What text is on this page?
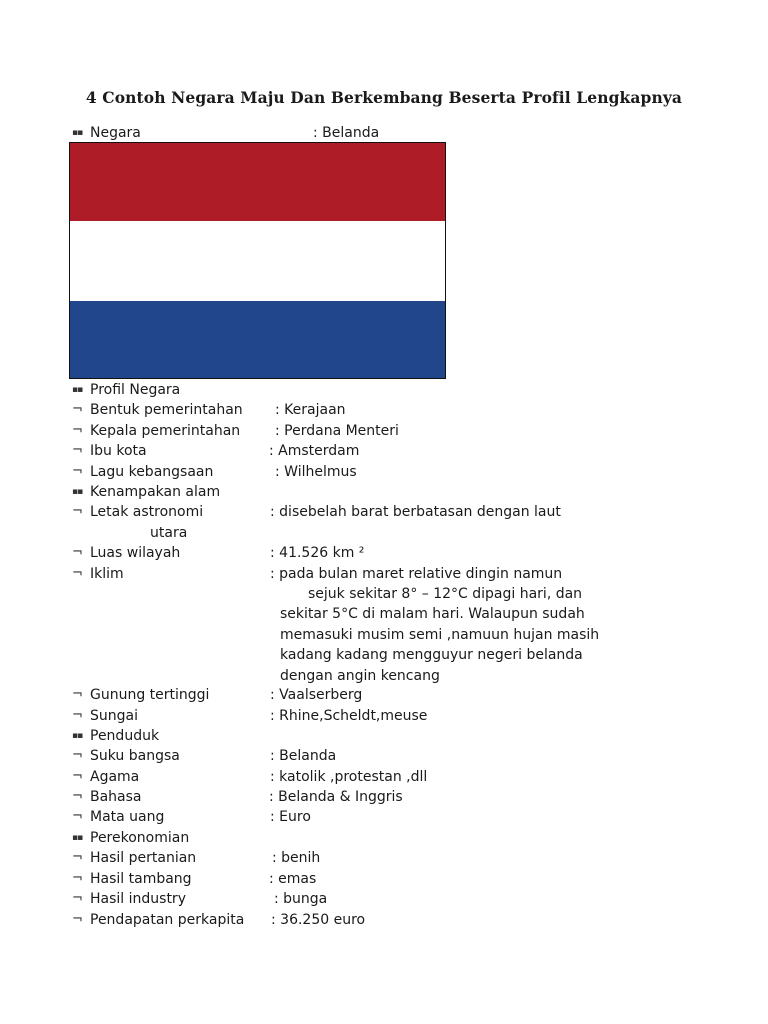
4 Contoh Negara Maju Dan Berkembang Beserta Profil Lengkapnya
▪▪ Negara	: Belanda
▪▪ Profil Negara
¬ Bentuk pemerintahan : Kerajaan
¬ Kepala pemerintahan : Perdana Menteri
¬ Ibu kota	: Amsterdam
¬ Lagu kebangsaan	: Wilhelmus
▪▪ Kenampakan alam
¬ Letak astronomi	: disebelah barat berbatasan dengan laut
utara
¬ Luas wilayah	: 41.526 km ²
¬ Iklim	: pada bulan maret relative dingin namun
sejuk sekitar 8° – 12°C dipagi hari, dan
sekitar 5°C di malam hari. Walaupun sudah
memasuki musim semi ,namuun hujan masih
kadang kadang mengguyur negeri belanda
dengan angin kencang
¬ Gunung tertinggi	: Vaalserberg
¬ Sungai	: Rhine,Scheldt,meuse
▪▪ Penduduk
¬ Suku bangsa	: Belanda
¬ Agama	: katolik ,protestan ,dll
¬ Bahasa	: Belanda & Inggris
¬ Mata uang	: Euro
▪▪ Perekonomian
¬ Hasil pertanian	: benih
¬ Hasil tambang	: emas
¬ Hasil industry	: bunga
¬ Pendapatan perkapita : 36.250 euro
